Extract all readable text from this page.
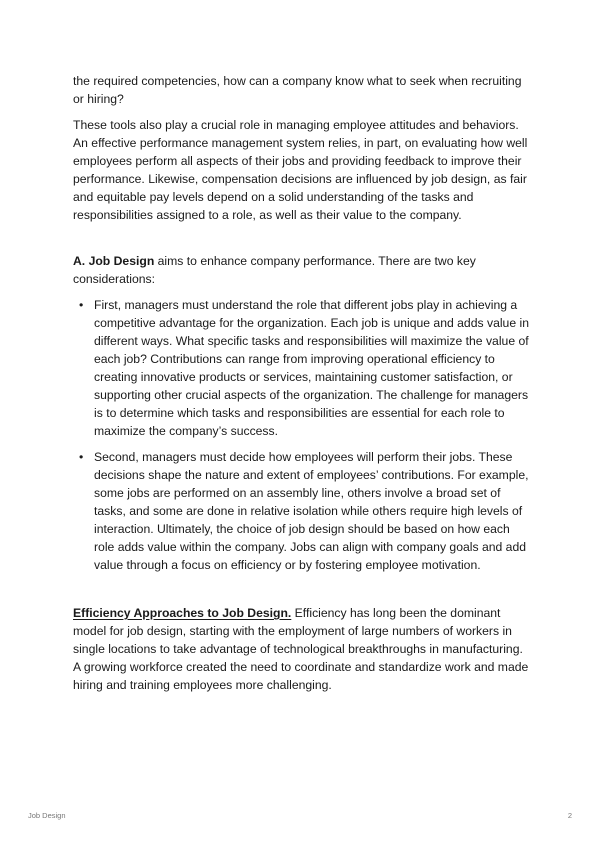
the required competencies, how can a company know what to seek when recruiting or hiring?

These tools also play a crucial role in managing employee attitudes and behaviors. An effective performance management system relies, in part, on evaluating how well employees perform all aspects of their jobs and providing feedback to improve their performance. Likewise, compensation decisions are influenced by job design, as fair and equitable pay levels depend on a solid understanding of the tasks and responsibilities assigned to a role, as well as their value to the company.

A. Job Design aims to enhance company performance. There are two key considerations:

• First, managers must understand the role that different jobs play in achieving a competitive advantage for the organization. Each job is unique and adds value in different ways. What specific tasks and responsibilities will maximize the value of each job? Contributions can range from improving operational efficiency to creating innovative products or services, maintaining customer satisfaction, or supporting other crucial aspects of the organization. The challenge for managers is to determine which tasks and responsibilities are essential for each role to maximize the company’s success.
• Second, managers must decide how employees will perform their jobs. These decisions shape the nature and extent of employees’ contributions. For example, some jobs are performed on an assembly line, others involve a broad set of tasks, and some are done in relative isolation while others require high levels of interaction. Ultimately, the choice of job design should be based on how each role adds value within the company. Jobs can align with company goals and add value through a focus on efficiency or by fostering employee motivation.

Efficiency Approaches to Job Design. Efficiency has long been the dominant model for job design, starting with the employment of large numbers of workers in single locations to take advantage of technological breakthroughs in manufacturing. A growing workforce created the need to coordinate and standardize work and made hiring and training employees more challenging.

Job Design	2
